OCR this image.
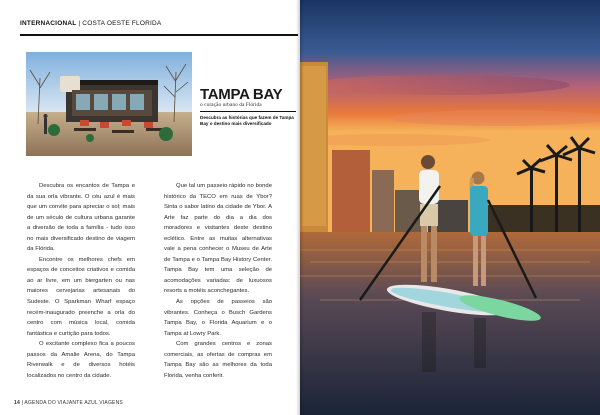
INTERNACIONAL | COSTA OESTE FLORIDA
TAMPA BAY
o coração urbano da Flórida
Descubra as histórias que fazem de Tampa Bay o destino mais diversificado

Descubra os encantos de Tampa e da sua orla vibrante. O céu azul é mais que um convite para apreciar o sol; mais de um século de cultura urbana garante a diversão de toda a família - tudo isso no mais diversificado destino de viagem da Flórida.

Encontre os melhores chefs em espaços de conceitos criativos e comida ao ar livre, em um biergarten ou nas maiores cervejarias artesanais do Sudeste. O Sparkman Wharf espaço recém-inaugurado preenche a orla do centro com música local, comida fantástica e curtição para todos.

O excitante complexo fica a poucos passos da Amalie Arena, do Tampa Riverwalk e de diversos hotéis localizados no centro da cidade.

Que tal um passeio rápido no bonde histórico da TECO em ruas de Ybor? Sinta o sabor latino da cidade de Ybor. A Arte faz parte do dia a dia dos moradores e visitantes deste destino eclético. Entre as muitas alternativas vale a pena conhecer o Museu de Arte de Tampa e o Tampa Bay History Center. Tampa Bay tem uma seleção de acomodações variadas: de luxuosos resorts a motéis aconchegantes.

As opções de passeios são vibrantes. Conheça o Busch Gardens Tampa Bay, o Florida Aquarium e o Tampa at Lowry Park.

Com grandes centros e zonas comerciais, as ofertas de compras em Tampa Bay são as melhores da toda Florida, venha conferir.

14 | AGENDA DO VIAJANTE AZUL VIAGENS
